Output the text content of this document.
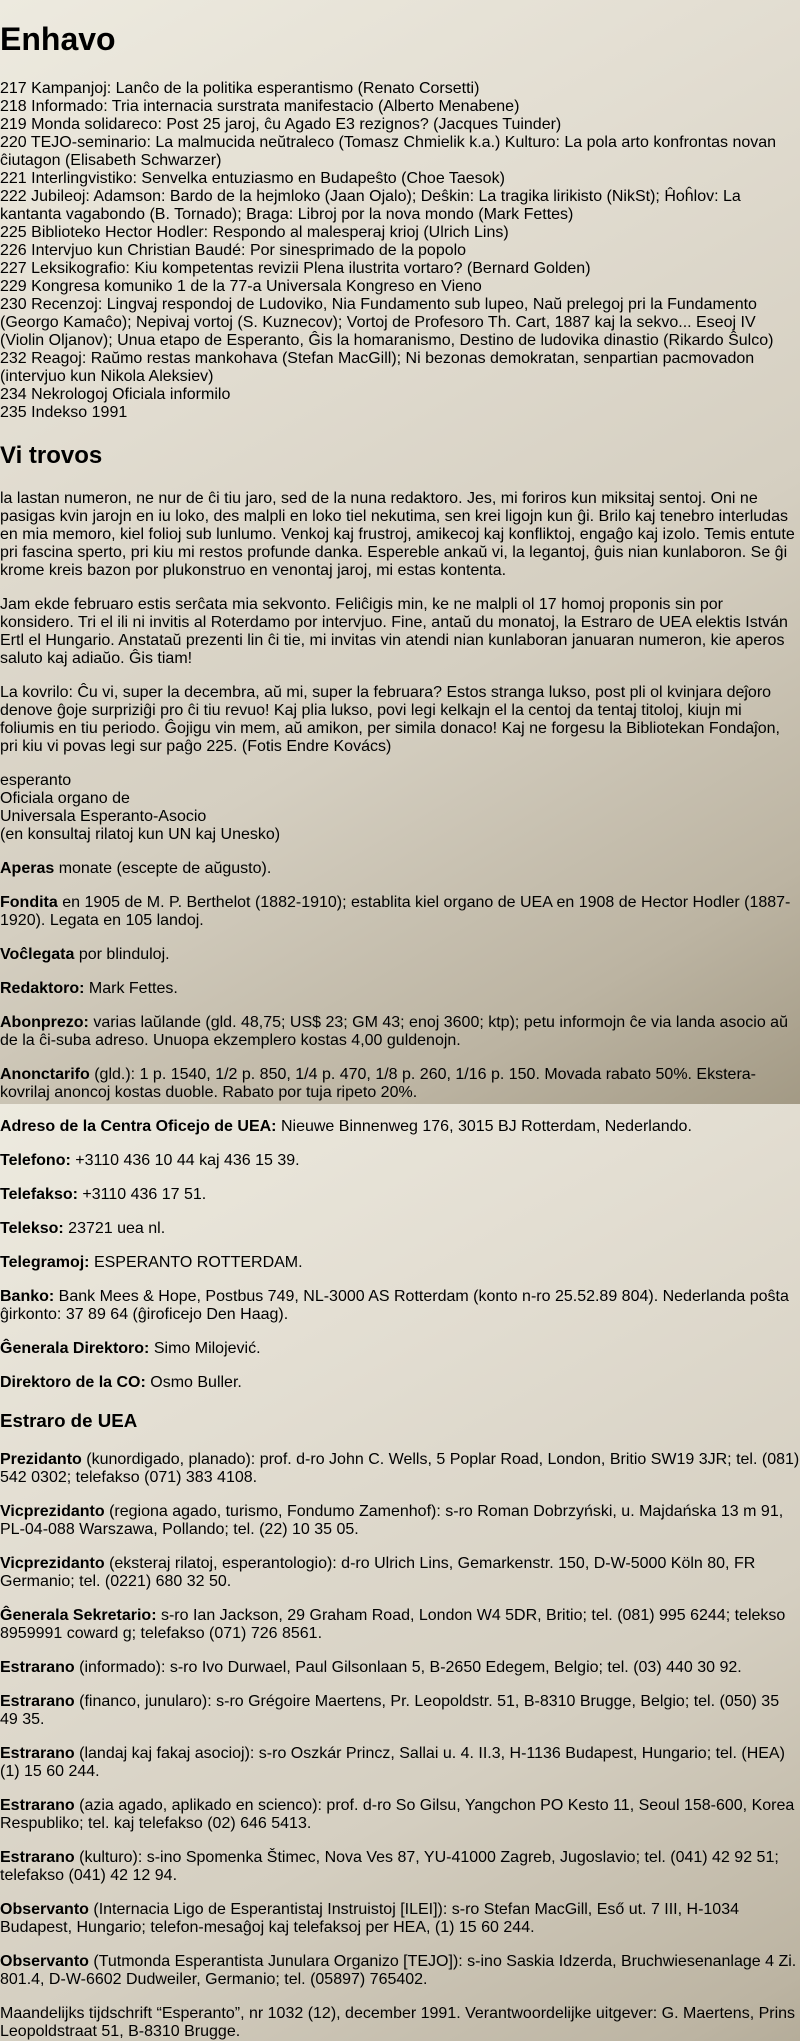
Enhavo
217 Kampanjoj: Lanĉo de la politika esperantismo (Renato Corsetti)
218 Informado: Tria internacia surstrata manifestacio (Alberto Menabene)
219 Monda solidareco: Post 25 jaroj, ĉu Agado E3 rezignos? (Jacques Tuinder)
220 TEJO-seminario: La malmucida neŭtraleco (Tomasz Chmielik k.a.) Kulturo: La pola arto konfrontas novan ĉiutagon (Elisabeth Schwarzer)
221 Interlingvistiko: Senvelka entuziasmo en Budapeŝto (Choe Taesok)
222 Jubileoj: Adamson: Bardo de la hejmloko (Jaan Ojalo); Deŝkin: La tragika lirikisto (NikSt); Ĥoĥlov: La kantanta vagabondo (B. Tornado); Braga: Libroj por la nova mondo (Mark Fettes)
225 Biblioteko Hector Hodler: Respondo al malesperaj krioj (Ulrich Lins)
226 Intervjuo kun Christian Baudé: Por sinesprimado de la popolo
227 Leksikografio: Kiu kompetentas revizii Plena ilustrita vortaro? (Bernard Golden)
229 Kongresa komuniko 1 de la 77-a Universala Kongreso en Vieno
230 Recenzoj: Lingvaj respondoj de Ludoviko, Nia Fundamento sub lupeo, Naŭ prelegoj pri la Fundamento (Georgo Kamaĉo); Nepivaj vortoj (S. Kuznecov); Vortoj de Profesoro Th. Cart, 1887 kaj la sekvo... Eseoj IV (Violin Oljanov); Unua etapo de Esperanto, Ĝis la homaranismo, Destino de ludovika dinastio (Rikardo Ŝulco)
232 Reagoj: Raŭmo restas mankohava (Stefan MacGill); Ni bezonas demokratan, senpartian pacmovadon (intervjuo kun Nikola Aleksiev)
234 Nekrologoj Oficiala informilo
235 Indekso 1991
Vi trovos

la lastan numeron, ne nur de ĉi tiu jaro, sed de la nuna redaktoro. Jes, mi foriros kun miksitaj sentoj. Oni ne pasigas kvin jarojn en iu loko, des malpli en loko tiel nekutima, sen krei ligojn kun ĝi. Brilo kaj tenebro interludas en mia memoro, kiel folioj sub lunlumo. Venkoj kaj frustroj, amikecoj kaj konfliktoj, engaĝo kaj izolo. Temis entute pri fascina sperto, pri kiu mi restos profunde danka. Espereble ankaŭ vi, la legantoj, ĝuis nian kunlaboron. Se ĝi krome kreis bazon por plukonstruo en venontaj jaroj, mi estas kontenta.

Jam ekde februaro estis serĉata mia sekvonto. Feliĉigis min, ke ne malpli ol 17 homoj proponis sin por konsidero. Tri el ili ni invitis al Roterdamo por intervjuo. Fine, antaŭ du monatoj, la Estraro de UEA elektis István Ertl el Hungario. Anstataŭ prezenti lin ĉi tie, mi invitas vin atendi nian kunlaboran januaran numeron, kie aperos saluto kaj adiaŭo. Ĝis tiam!

La kovrilo: Ĉu vi, super la decembra, aŭ mi, super la februara? Estos stranga lukso, post pli ol kvinjara deĵoro denove ĝoje surpriziĝi pro ĉi tiu revuo! Kaj plia lukso, povi legi kelkajn el la centoj da tentaj titoloj, kiujn mi foliumis en tiu periodo. Ĝojigu vin mem, aŭ amikon, per simila donaco! Kaj ne forgesu la Bibliotekan Fondaĵon, pri kiu vi povas legi sur paĝo 225. (Fotis Endre Kovács)

esperanto
Oficiala organo de
Universala Esperanto-Asocio
(en konsultaj rilatoj kun UN kaj Unesko)

Aperas monate (escepte de aŭgusto).

Fondita en 1905 de M. P. Berthelot (1882-1910); establita kiel organo de UEA en 1908 de Hector Hodler (1887-1920). Legata en 105 landoj.

Voĉlegata por blinduloj.

Redaktoro: Mark Fettes.

Abonprezo: varias laŭlande (gld. 48,75; US$ 23; GM 43; enoj 3600; ktp); petu informojn ĉe via landa asocio aŭ de la ĉi-suba adreso. Unuopa ekzemplero kostas 4,00 guldenojn.

Anonctarifo (gld.): 1 p. 1540, 1/2 p. 850, 1/4 p. 470, 1/8 p. 260, 1/16 p. 150. Movada rabato 50%. Ekstera-kovrilaj anoncoj kostas duoble. Rabato por tuja ripeto 20%.

Adreso de la Centra Oficejo de UEA: Nieuwe Binnenweg 176, 3015 BJ Rotterdam, Nederlando.

Telefono: +3110 436 10 44 kaj 436 15 39.

Telefakso: +3110 436 17 51.

Telekso: 23721 uea nl.

Telegramoj: ESPERANTO ROTTERDAM.

Banko: Bank Mees & Hope, Postbus 749, NL-3000 AS Rotterdam (konto n-ro 25.52.89 804). Nederlanda poŝta ĝirkonto: 37 89 64 (ĝiroficejo Den Haag).

Ĝenerala Direktoro: Simo Milojević.

Direktoro de la CO: Osmo Buller.

Estraro de UEA

Prezidanto (kunordigado, planado): prof. d-ro John C. Wells, 5 Poplar Road, London, Britio SW19 3JR; tel. (081) 542 0302; telefakso (071) 383 4108.

Vicprezidanto (regiona agado, turismo, Fondumo Zamenhof): s-ro Roman Dobrzyński, u. Majdańska 13 m 91, PL-04-088 Warszawa, Pollando; tel. (22) 10 35 05.

Vicprezidanto (eksteraj rilatoj, esperantologio): d-ro Ulrich Lins, Gemarkenstr. 150, D-W-5000 Köln 80, FR Germanio; tel. (0221) 680 32 50.

Ĝenerala Sekretario: s-ro Ian Jackson, 29 Graham Road, London W4 5DR, Britio; tel. (081) 995 6244; telekso 8959991 coward g; telefakso (071) 726 8561.

Estrarano (informado): s-ro Ivo Durwael, Paul Gilsonlaan 5, B-2650 Edegem, Belgio; tel. (03) 440 30 92.

Estrarano (financo, junularo): s-ro Grégoire Maertens, Pr. Leopoldstr. 51, B-8310 Brugge, Belgio; tel. (050) 35 49 35.

Estrarano (landaj kaj fakaj asocioj): s-ro Oszkár Princz, Sallai u. 4. II.3, H-1136 Budapest, Hungario; tel. (HEA) (1) 15 60 244.

Estrarano (azia agado, aplikado en scienco): prof. d-ro So Gilsu, Yangchon PO Kesto 11, Seoul 158-600, Korea Respubliko; tel. kaj telefakso (02) 646 5413.

Estrarano (kulturo): s-ino Spomenka Štimec, Nova Ves 87, YU-41000 Zagreb, Jugoslavio; tel. (041) 42 92 51; telefakso (041) 42 12 94.

Observanto (Internacia Ligo de Esperantistaj Instruistoj [ILEI]): s-ro Stefan MacGill, Eső ut. 7 III, H-1034 Budapest, Hungario; telefon-mesaĝoj kaj telefaksoj per HEA, (1) 15 60 244.

Observanto (Tutmonda Esperantista Junulara Organizo [TEJO]): s-ino Saskia Idzerda, Bruchwiesenanlage 4 Zi. 801.4, D-W-6602 Dudweiler, Germanio; tel. (05897) 765402.

Maandelijks tijdschrift “Esperanto”, nr 1032 (12), december 1991. Verantwoordelijke uitgever: G. Maertens, Prins Leopoldstraat 51, B-8310 Brugge.
